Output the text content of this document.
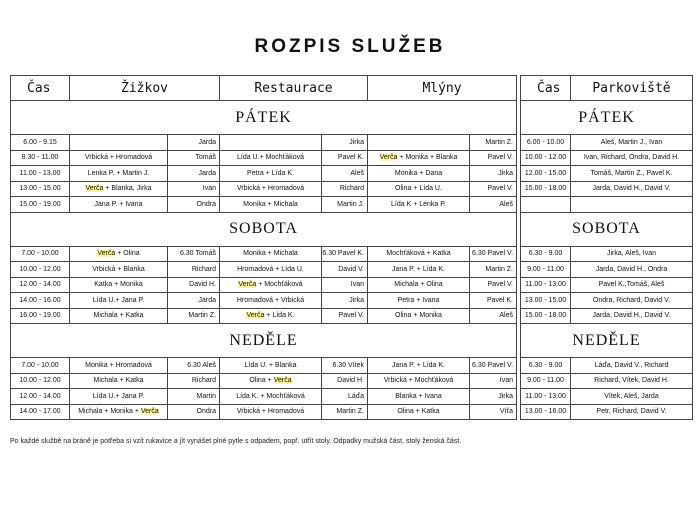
ROZPIS SLUŽEB
Čas	Žižkov		Restaurace		Mlýny	
PÁTEK						
6.00 - 9.15		Jarda		Jirka		Martin Z.
8.30 - 11.00	Vrbická + Hromadová	Tomáš	Lída U.+ Mochťáková	Pavel K.	Verča + Monika + Blanka	Pavel V.
11.00 - 13.00	Lenka P. + Martin J.	Jarda	Petra + Lída K.	Aleš	Monika + Dana	Jirka
13.00 - 15.00	Verča + Blanka, Jirka	Ivan	Vrbická + Hromadová	Richard	Olina + Lída U.	Pavel V.
15.00 - 19.00	Jana P. + Ivana	Ondra	Monika + Michala	Martin J.	Lída K + Lenka P.	Aleš
SOBOTA						
7.00 - 10.00	Verča + Olina	6.30 Tomáš	Monika + Michala	6.30 Pavel K.	Mochťáková + Katka	6.30 Pavel V.
10.00 - 12.00	Vrbická + Blanka	Richard	Hromadová + Lída U.	David V.	Jana P. + Lída K.	Martin Z.
12.00 - 14.00	Katka + Monika	David H.	Verča + Mochťáková	Ivan	Michala + Olina	Pavel V.
14.00 - 16.00	Lída U.+ Jana P.	Jarda	Hromadová + Vrbická	Jirka	Petra + Ivana	Pavel K.
16.00 - 19.00	Michala + Katka	Martin Z.	Verča + Lída K.	Pavel V.	Olina + Monika	Aleš
NEDĚLE						
7.00 - 10.00	Monika + Hromadová	6.30 Aleš	Lída U. + Blanka	6.30 Vítek	Jana P. + Lída K.	6.30 Pavel V.
10.00 - 12.00	Michala + Katka	Richard	Olina + Verča	David H.	Vrbická + Mochťáková	Ivan
12.00 - 14.00	Lída U.+ Jana P.	Martin	Lída K. + Mochťáková	Láďa	Blanka + Ivana	Jirka
14.00 - 17.00	Michala + Monika + Verča	Ondra	Vrbická + Hromadová	Martin Z.	Olina + Katka	Víťa
Čas	Parkoviště
PÁTEK	
6.00 - 10.00	Aleš, Martin J., Ivan
10.00 - 12.00	Ivan, Richard, Ondra, David H.
12.00 - 15.00	Tomáš, Martin Z., Pavel K.
15.00 - 18.00	Jarda, David H., David V.

SOBOTA	
6.30 - 9.00	Jirka, Aleš, Ivan
9.00 - 11.00	Jarda, David H., Ondra
11.00 - 13.00	Pavel K.,Tomáš, Aleš
13.00 - 15.00	Ondra, Richard, David V.
15.00 - 18.00	Jarda, David H., David V.
NEDĚLE	
6.30 - 9.00	Láďa, David V., Richard
9.00 - 11.00	Richard, Vítek, David H.
11.00 - 13.00	Vítek, Aleš, Jarda
13.00 - 16.00	Petr, Richard, David V.
Po každé službě na bráně je potřeba si vzít rukavice a jít vynášet plné pytle s odpadem, popř. utřít stoly. Odpadky mužská část, stoly ženská část.
